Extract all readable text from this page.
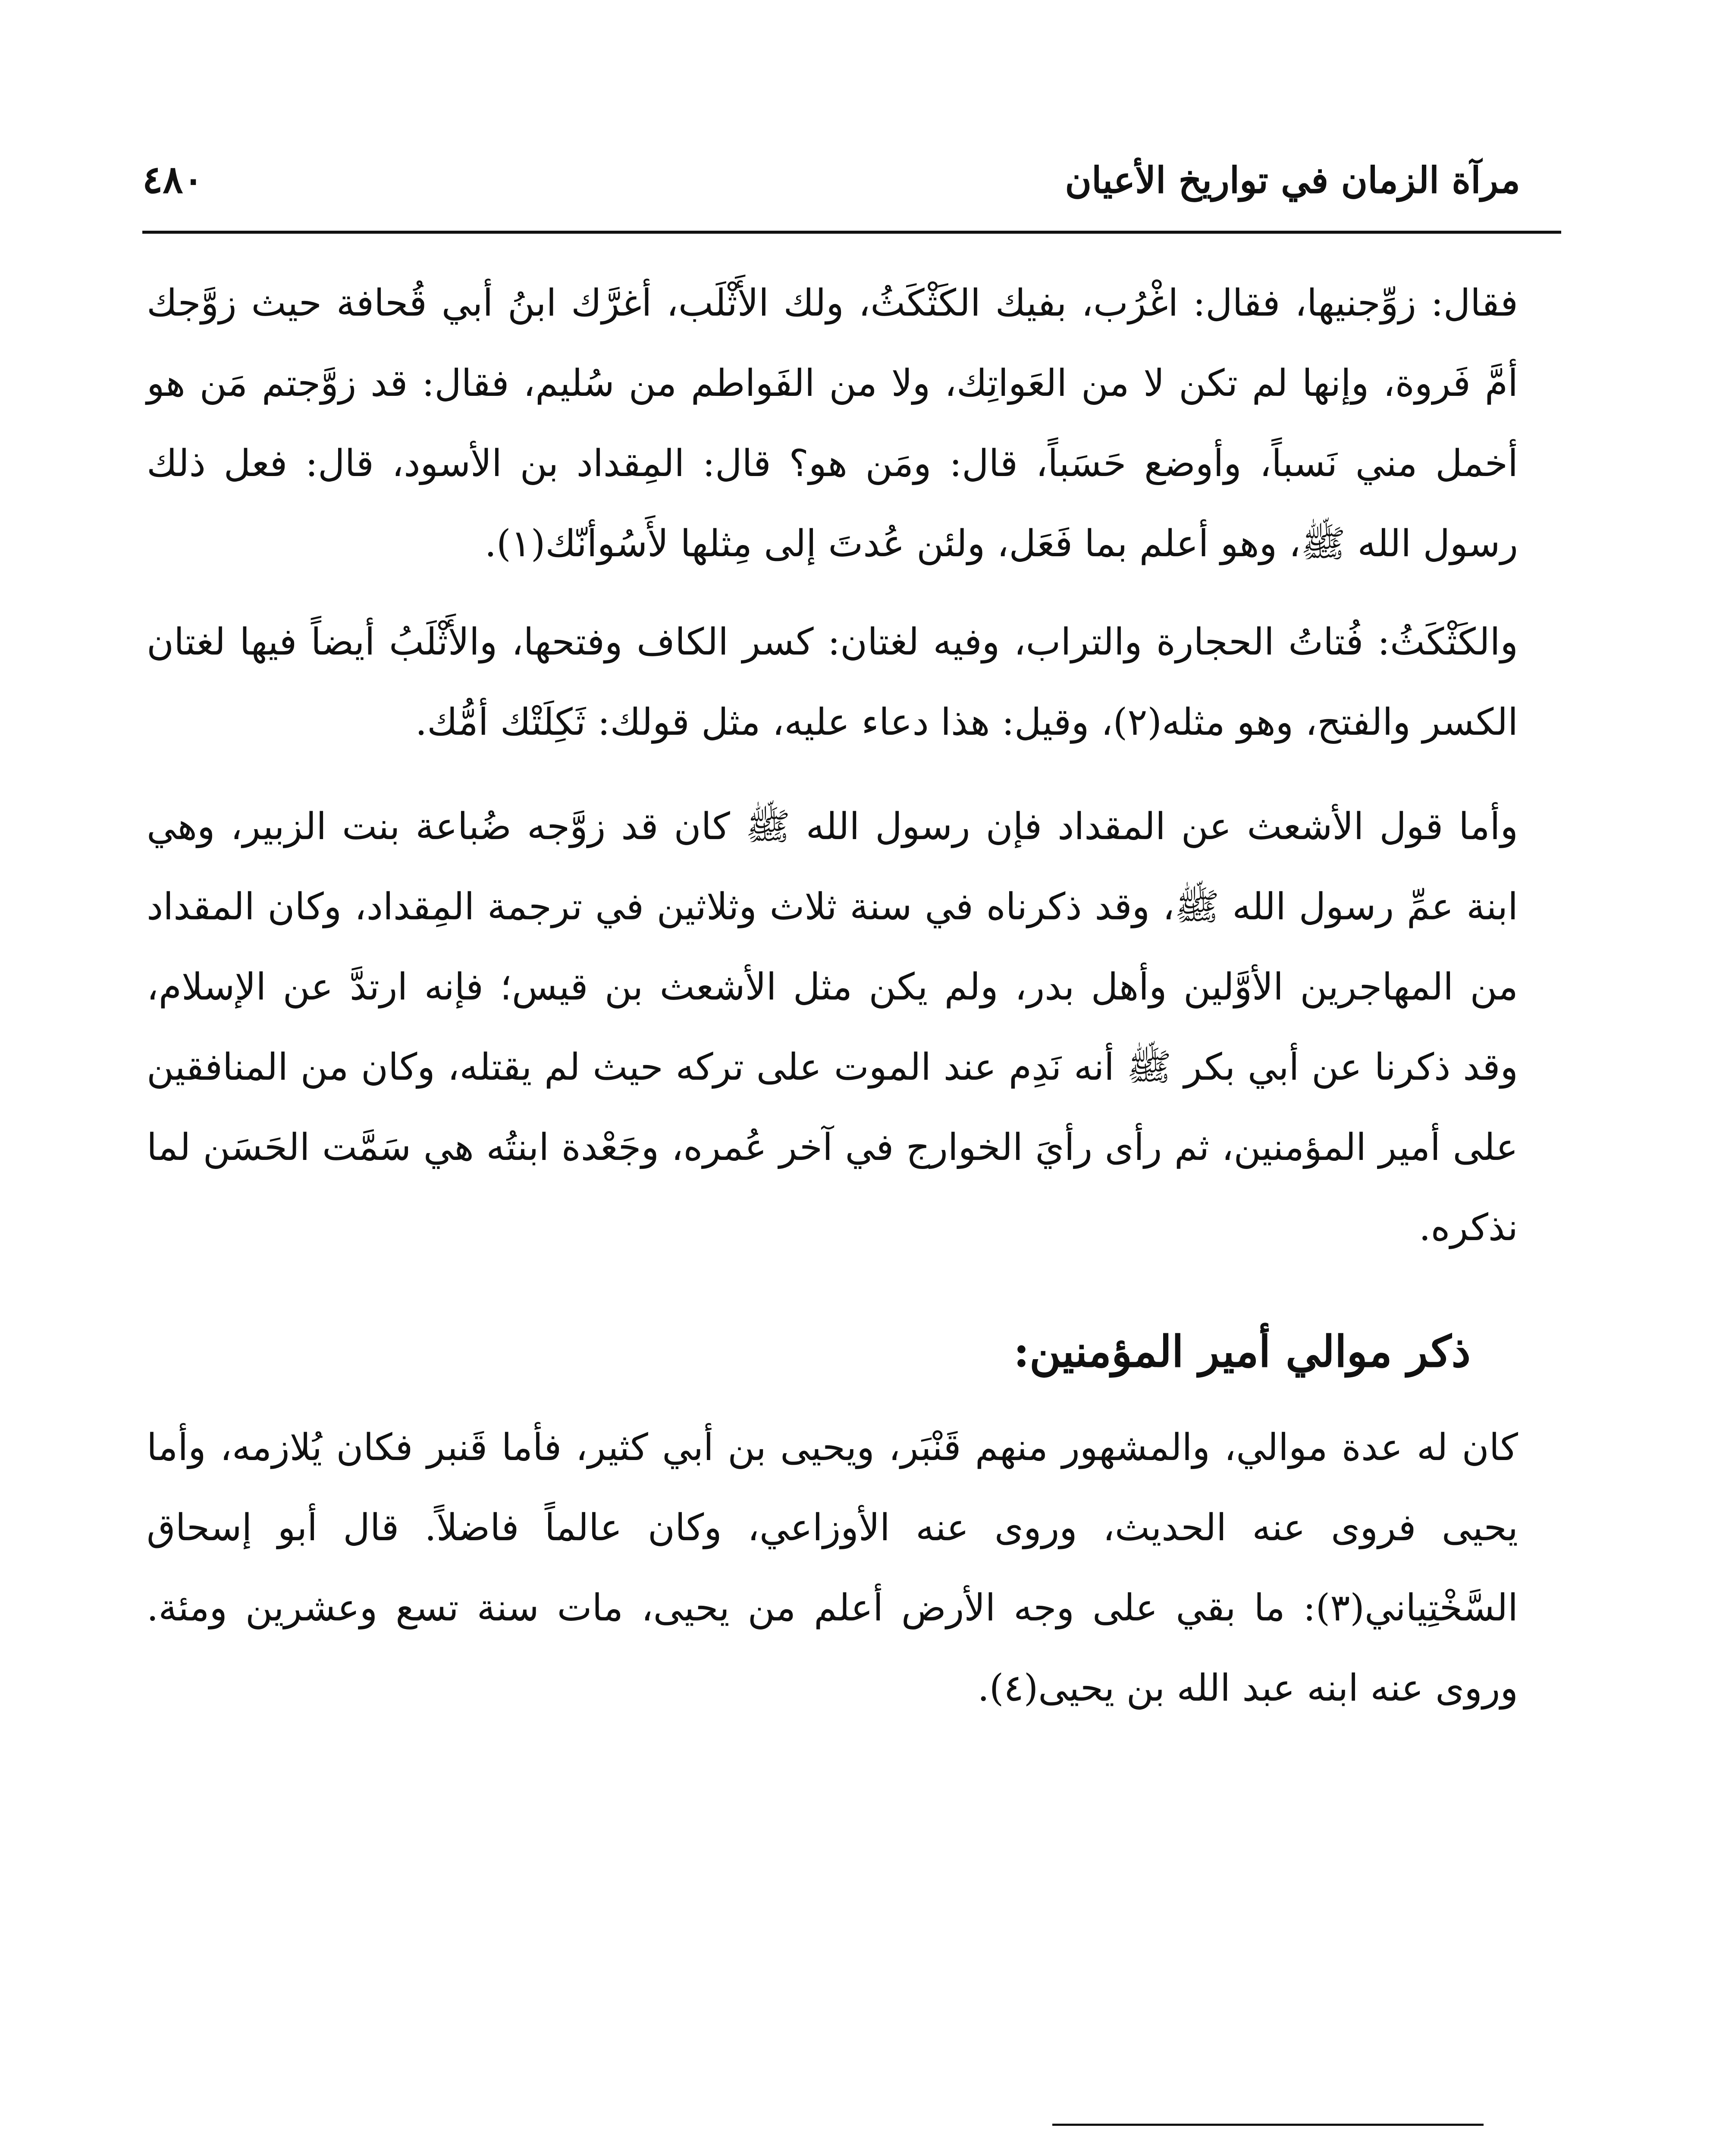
مرآة الزمان في تواريخ الأعيان
٤٨٠

فقال: زوِّجنيها، فقال: اغْرُب، بفيك الكَثْكَثُ، ولك الأَثْلَب، أغرَّك ابنُ أبي قُحافة حيث زوَّجك أمَّ فَروة، وإنها لم تكن لا من العَواتِك، ولا من الفَواطم من سُليم، فقال: قد زوَّجتم مَن هو أخمل مني نَسباً، وأوضع حَسَباً، قال: ومَن هو؟ قال: المِقداد بن الأسود، قال: فعل ذلك رسول الله ﷺ، وهو أعلم بما فَعَل، ولئن عُدتَ إلى مِثلها لأَسُوأنّك(١).

والكَثْكَثُ: فُتاتُ الحجارة والتراب، وفيه لغتان: كسر الكاف وفتحها، والأَثْلَبُ أيضاً فيها لغتان الكسر والفتح، وهو مثله(٢)، وقيل: هذا دعاء عليه، مثل قولك: ثَكِلَتْك أمُّك.

وأما قول الأشعث عن المقداد فإن رسول الله ﷺ كان قد زوَّجه ضُباعة بنت الزبير، وهي ابنة عمِّ رسول الله ﷺ، وقد ذكرناه في سنة ثلاث وثلاثين في ترجمة المِقداد، وكان المقداد من المهاجرين الأوَّلين وأهل بدر، ولم يكن مثل الأشعث بن قيس؛ فإنه ارتدَّ عن الإسلام، وقد ذكرنا عن أبي بكر ﷺ أنه نَدِم عند الموت على تركه حيث لم يقتله، وكان من المنافقين على أمير المؤمنين، ثم رأى رأيَ الخوارج في آخر عُمره، وجَعْدة ابنتُه هي سَمَّت الحَسَن لما نذكره.

ذكر موالي أمير المؤمنين:

كان له عدة موالي، والمشهور منهم قَنْبَر، ويحيى بن أبي كثير، فأما قَنبر فكان يُلازمه، وأما يحيى فروى عنه الحديث، وروى عنه الأوزاعي، وكان عالماً فاضلاً. قال أبو إسحاق السَّخْتِياني(٣): ما بقي على وجه الأرض أعلم من يحيى، مات سنة تسع وعشرين ومئة. وروى عنه ابنه عبد الله بن يحيى(٤).
